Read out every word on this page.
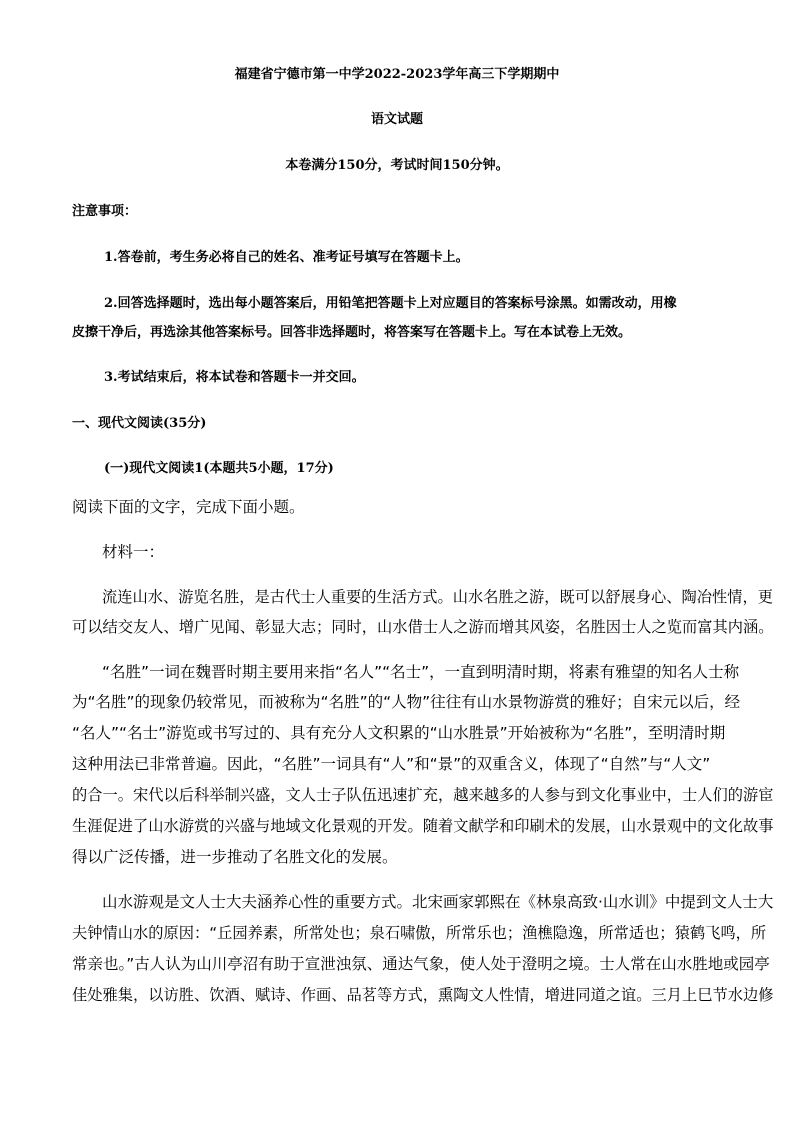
福建省宁德市第一中学2022-2023学年高三下学期期中
语文试题
本卷满分150分，考试时间150分钟。
注意事项：
1.答卷前，考生务必将自己的姓名、准考证号填写在答题卡上。
2.回答选择题时，选出每小题答案后，用铅笔把答题卡上对应题目的答案标号涂黑。如需改动，用橡
皮擦干净后，再选涂其他答案标号。回答非选择题时，将答案写在答题卡上。写在本试卷上无效。
3.考试结束后，将本试卷和答题卡一并交回。
一、现代文阅读(35分)
(一)现代文阅读1(本题共5小题，17分)
阅读下面的文字，完成下面小题。
材料一：
流连山水、游览名胜，是古代士人重要的生活方式。山水名胜之游，既可以舒展身心、陶冶性情，更
可以结交友人、增广见闻、彰显大志；同时，山水借士人之游而增其风姿，名胜因士人之览而富其内涵。
“名胜”一词在魏晋时期主要用来指“名人”“名士”，一直到明清时期，将素有雅望的知名人士称
为“名胜”的现象仍较常见，而被称为“名胜”的“人物”往往有山水景物游赏的雅好；自宋元以后，经
“名人”“名士”游览或书写过的、具有充分人文积累的“山水胜景”开始被称为“名胜”，至明清时期
这种用法已非常普遍。因此，“名胜”一词具有“人”和“景”的双重含义，体现了“自然”与“人文”
的合一。宋代以后科举制兴盛，文人士子队伍迅速扩充，越来越多的人参与到文化事业中，士人们的游宦
生涯促进了山水游赏的兴盛与地域文化景观的开发。随着文献学和印刷术的发展，山水景观中的文化故事
得以广泛传播，进一步推动了名胜文化的发展。
山水游观是文人士大夫涵养心性的重要方式。北宋画家郭熙在《林泉高致·山水训》中提到文人士大
夫钟情山水的原因：“丘园养素，所常处也；泉石啸傲，所常乐也；渔樵隐逸，所常适也；猿鹤飞鸣，所
常亲也。”古人认为山川亭沼有助于宣泄浊氛、通达气象，使人处于澄明之境。士人常在山水胜地或园亭
佳处雅集，以访胜、饮酒、赋诗、作画、品茗等方式，熏陶文人性情，增进同道之谊。三月上巳节水边修
